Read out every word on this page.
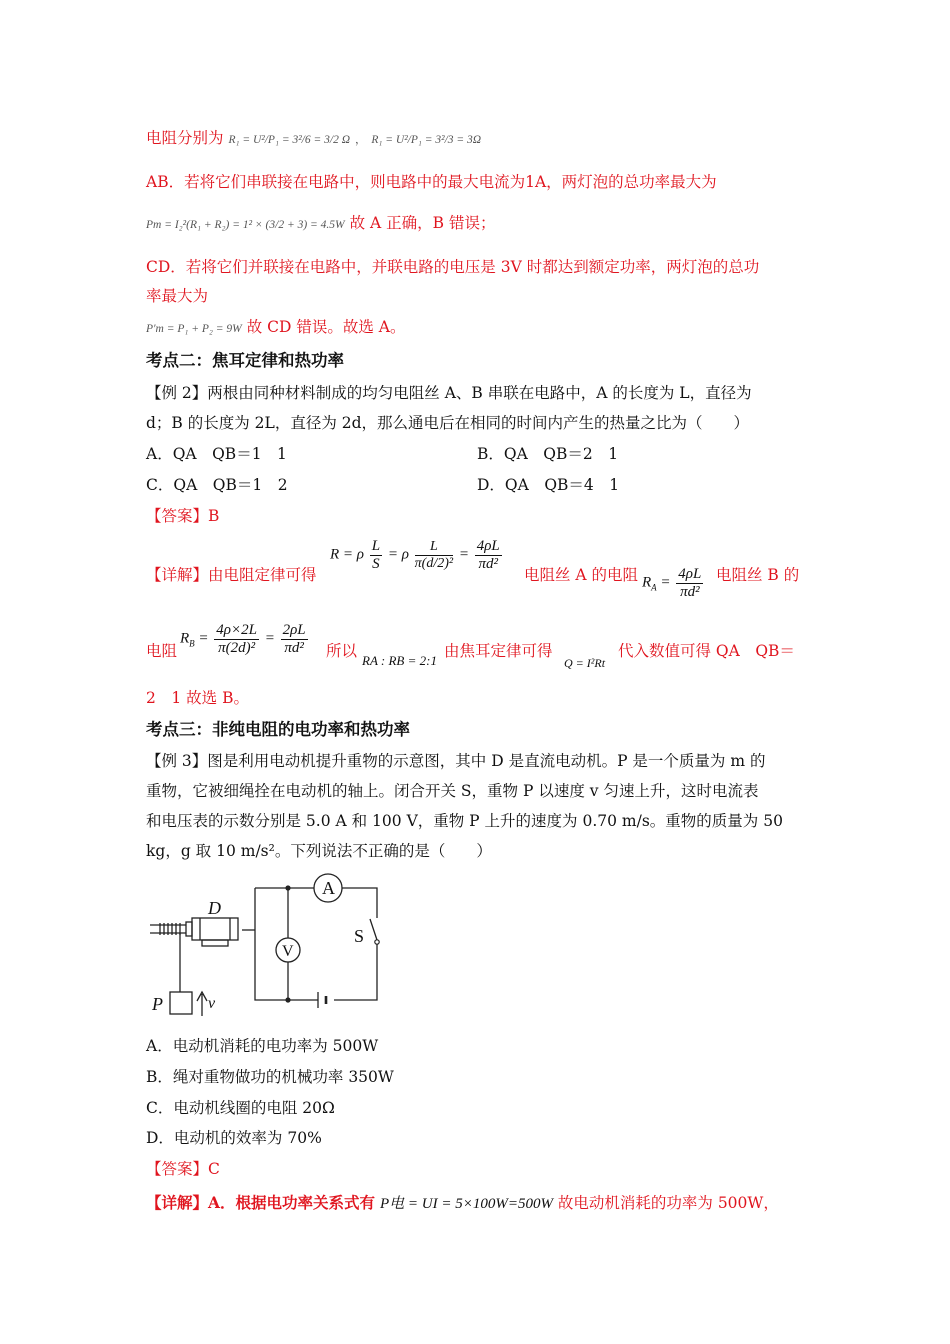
电阻分别为 R₁ = U²/P₁ = 3²/6 = 3/2 Ω ， R₁ = U²/P₁ = 3²/3 = 3Ω
AB．若将它们串联接在电路中，则电路中的最大电流为1A，两灯泡的总功率最大为
Pm = I₂²(R₁ + R₂) = 1² × (3/2 + 3) = 4.5W 故 A 正确，B 错误；
CD．若将它们并联接在电路中，并联电路的电压是 3V 时都达到额定功率，两灯泡的总功
率最大为
P′m = P₁ + P₂ = 9W 故 CD 错误。故选 A。
考点二：焦耳定律和热功率
【例 2】两根由同种材料制成的均匀电阻丝 A、B 串联在电路中，A 的长度为 L，直径为
d；B 的长度为 2L，直径为 2d，那么通电后在相同的时间内产生的热量之比为（　　）
A．QA　QB＝1　1	B．QA　QB＝2　1
C．QA　QB＝1　2	D．QA　QB＝4　1
【答案】B
【详解】由电阻定律可得
R = ρ $\frac{L}{S} = \rho \frac{L}{\text{π(d/2)²}} = \frac{4\rho L}{\text{πd²}}$
电阻丝 A 的电阻 $R_A = \frac{4\rho L}{\text{πd²}}$ 电阻丝 B 的
电阻
$R_B = \frac{4\rho\times 2L}{\text{π(2d)²}} = \frac{2\rho L}{\text{πd²}}$ 所以
RA : RB = 2:1
由焦耳定律可得
Q = I²Rt
代入数值可得 QA　QB＝
2　1 故选 B。
考点三：非纯电阻的电功率和热功率
【例 3】图是利用电动机提升重物的示意图，其中 D 是直流电动机。P 是一个质量为 m 的
重物，它被细绳拴在电动机的轴上。闭合开关 S，重物 P 以速度 v 匀速上升，这时电流表
和电压表的示数分别是 5.0 A 和 100 V，重物 P 上升的速度为 0.70 m/s。重物的质量为 50
kg，g 取 10 m/s²。下列说法不正确的是（　　）
A
V
S
D
P	v
A．电动机消耗的电功率为 500W
B．绳对重物做功的机械功率 350W
C．电动机线圈的电阻 20Ω
D．电动机的效率为 70%
【答案】C
【详解】A．根据电功率关系式有 P电 = UI = 5×100W=500W 故电动机消耗的功率为 500W，
